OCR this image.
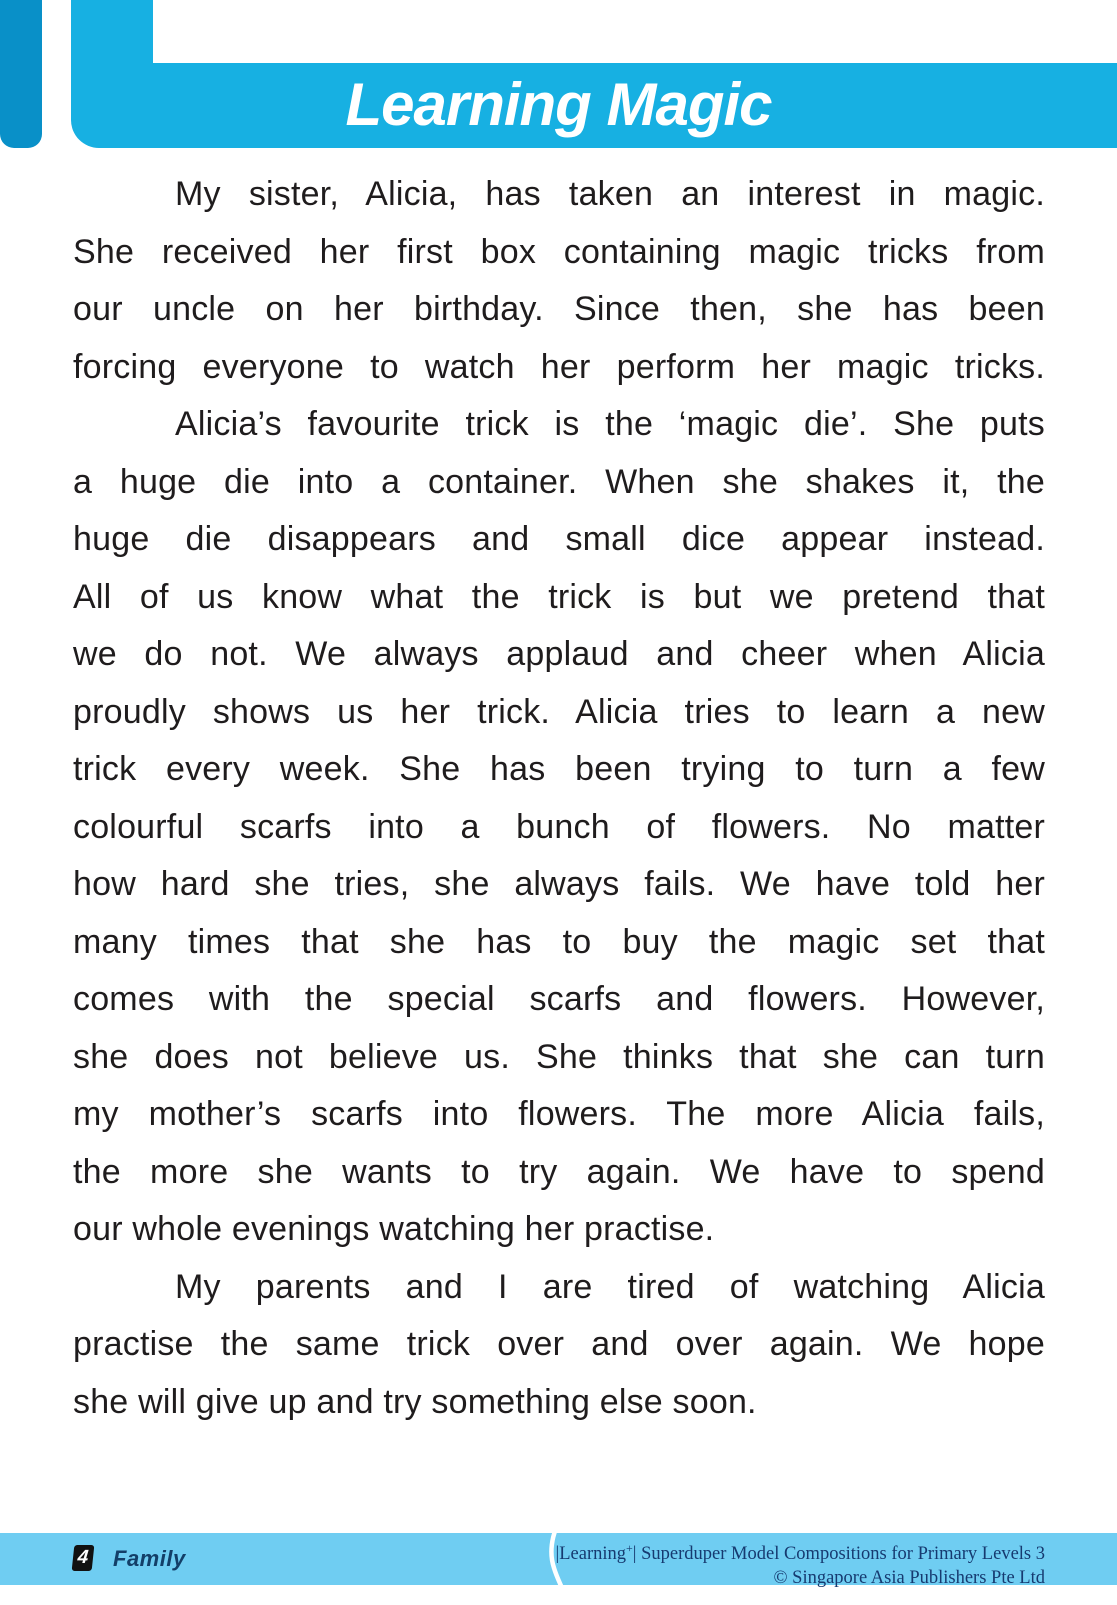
Learning Magic
My sister, Alicia, has taken an interest in magic.
She received her first box containing magic tricks from
our uncle on her birthday. Since then, she has been
forcing everyone to watch her perform her magic tricks.
Alicia’s favourite trick is the ‘magic die’. She puts
a huge die into a container. When she shakes it, the
huge die disappears and small dice appear instead.
All of us know what the trick is but we pretend that
we do not. We always applaud and cheer when Alicia
proudly shows us her trick. Alicia tries to learn a new
trick every week. She has been trying to turn a few
colourful scarfs into a bunch of flowers. No matter
how hard she tries, she always fails. We have told her
many times that she has to buy the magic set that
comes with the special scarfs and flowers. However,
she does not believe us. She thinks that she can turn
my mother’s scarfs into flowers. The more Alicia fails,
the more she wants to try again. We have to spend
our whole evenings watching her practise.
My parents and I are tired of watching Alicia
practise the same trick over and over again. We hope
she will give up and try something else soon.
4 Family	|Learning+| Superduper Model Compositions for Primary Levels 3
© Singapore Asia Publishers Pte Ltd
